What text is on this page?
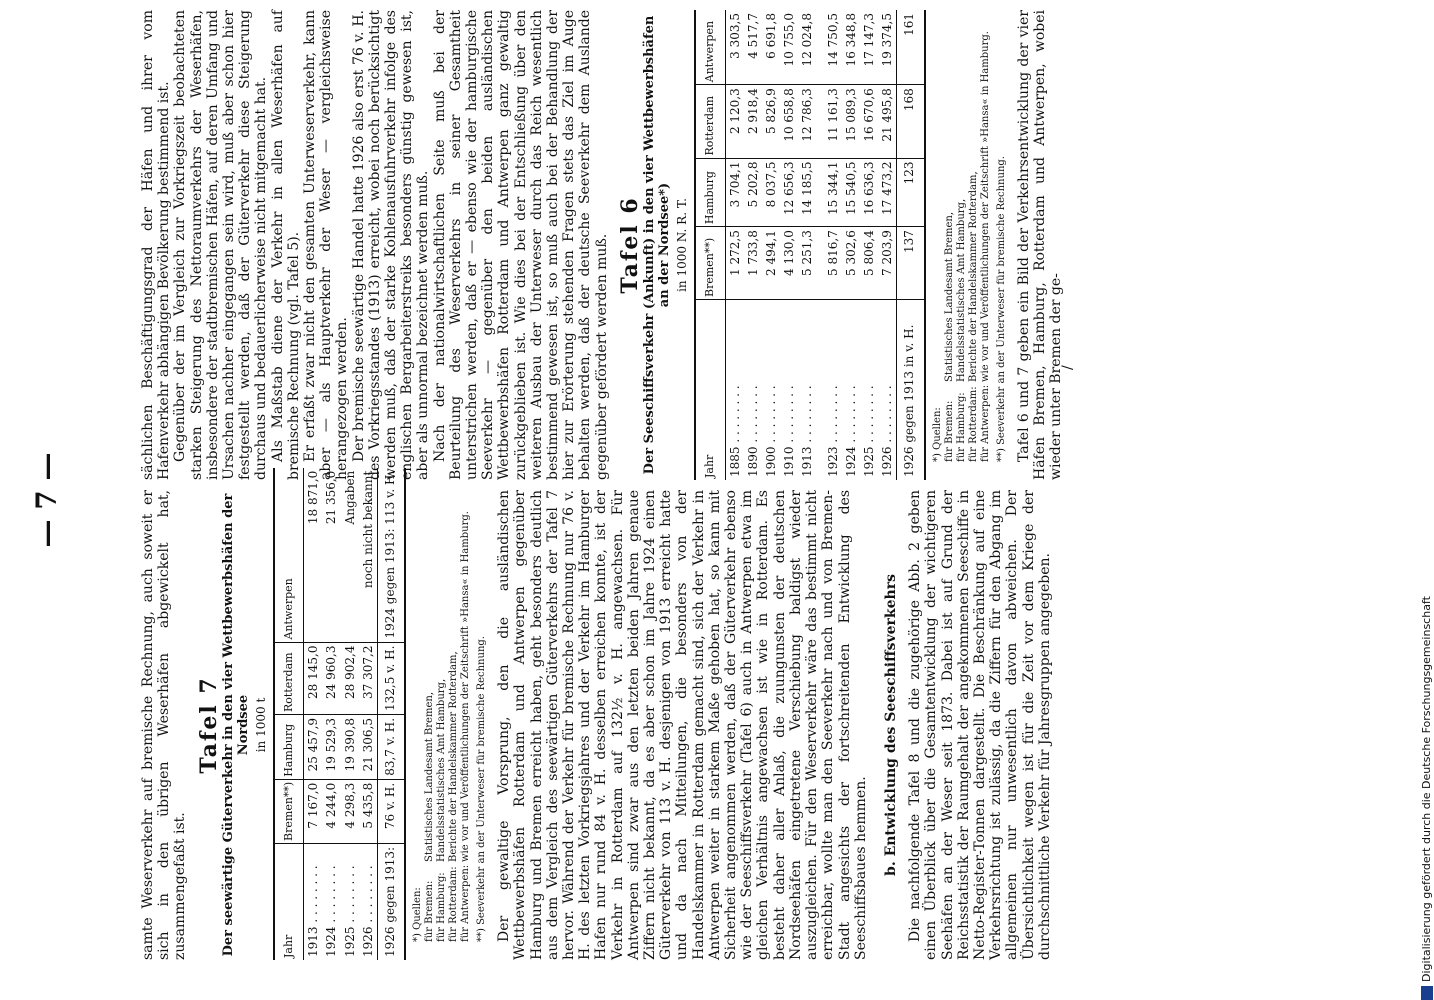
— 7 —	samte Weserverkehr auf bremische Rechnung, auch soweit er sich in den übrigen Weserhäfen abgewickelt hat, zusammengefaßt ist.

Tafel 7 Der seewärtige Güterverkehr in den vier Wettbewerbshäfen der Nordsee in 1000 t
Jahr	Bremen**)	Hamburg	Rotterdam	Antwerpen
1913 . . . . . . . .	7 167,0	25 457,9	28 145,0	18 871,0
1924 . . . . . . . .	4 244,0	19 529,3	24 960,3	21 356,0
1925 . . . . . . . .	4 298,3	19 390,8	28 902,4	Angaben
1926 . . . . . . . .	5 435,8	21 306,5	37 307,2	noch nicht bekannt
1926 gegen 1913:	76 v. H.	83,7 v. H.	132,5 v. H.	1924 gegen 1913: 113 v. H.
*) Quellen: für Bremen:
Statistisches Landesamt Bremen,
für Hamburg:
Handelsstatistisches Amt Hamburg,
für Rotterdam:
Berichte der Handelskammer Rotterdam,
für Antwerpen:
wie vor und Veröffentlichungen der Zeitschrift »Hansa« in Hamburg. **) Seeverkehr an der Unterweser für bremische Rechnung. Der gewaltige Vorsprung, den die ausländischen Wettbewerbshäfen Rotterdam und Antwerpen gegenüber Hamburg und Bremen erreicht haben, geht besonders deutlich aus dem Vergleich des seewärtigen Güterverkehrs der Tafel 7 hervor. Während der Verkehr für bremische Rechnung nur 76 v. H. des letzten Vorkriegsjahres und der Verkehr im Hamburger Hafen nur rund 84 v. H. desselben erreichen konnte, ist der Verkehr in Rotterdam auf 132½ v. H. angewachsen. Für Antwerpen sind zwar aus den letzten beiden Jahren genaue Ziffern nicht bekannt, da es aber schon im Jahre 1924 einen Güterverkehr von 113 v. H. desjenigen von 1913 erreicht hatte und da nach Mitteilungen, die besonders von der Handelskammer in Rotterdam gemacht sind, sich der Verkehr in Antwerpen weiter in starkem Maße gehoben hat, so kann mit Sicherheit angenommen werden, daß der Güterverkehr ebenso wie der Seeschiffsverkehr (Tafel 6) auch in Antwerpen etwa im gleichen Verhältnis angewachsen ist wie in Rotterdam. Es besteht daher aller Anlaß, die zuungunsten der deutschen Nordseehäfen eingetretene Verschiebung baldigst wieder auszugleichen. Für den Weserverkehr wäre das bestimmt nicht erreichbar, wollte man den Seeverkehr nach und von Bremen-Stadt angesichts der fortschreitenden Entwicklung des Seeschiffsbaues hemmen. b. Entwicklung des Seeschiffsverkehrs Die nachfolgende Tafel 8 und die zugehörige Abb. 2 geben einen Überblick über die Gesamtentwicklung der wichtigeren Seehäfen an der Weser seit 1873. Dabei ist auf Grund der Reichsstatistik der Raumgehalt der angekommenen Seeschiffe in Netto-Register-Tonnen dargestellt. Die Beschränkung auf eine Verkehrsrichtung ist zulässig, da die Ziffern für den Abgang im allgemeinen nur unwesentlich davon abweichen. Der Übersichtlichkeit wegen ist für die Zeit vor dem Kriege der durchschnittliche Verkehr für Jahresgruppen angegeben.

sächlichen Beschäftigungsgrad der Häfen und ihrer vom Hafenverkehr abhängigen Bevölkerung bestimmend ist. Gegenüber der im Vergleich zur Vorkriegszeit beobachteten starken Steigerung des Nettoraumverkehrs der Weserhäfen, insbesondere der stadtbremischen Häfen, auf deren Umfang und Ursachen nachher eingegangen sein wird, muß aber schon hier festgestellt werden, daß der Güterverkehr diese Steigerung durchaus und bedauerlicherweise nicht mitgemacht hat. Als Maßstab diene der Verkehr in allen Weserhäfen auf bremische Rechnung (vgl. Tafel 5). Er erfaßt zwar nicht den gesamten Unterweserverkehr, kann aber — als Hauptverkehr der Weser — vergleichsweise herangezogen werden. Der bremische seewärtige Handel hatte 1926 also erst 76 v. H. des Vorkriegsstandes (1913) erreicht, wobei noch berücksichtigt werden muß, daß der starke Kohlenausfuhrverkehr infolge des englischen Bergarbeiterstreiks besonders günstig gewesen ist, aber als unnormal bezeichnet werden muß. Nach der nationalwirtschaftlichen Seite muß bei der Beurteilung des Weserverkehrs in seiner Gesamtheit unterstrichen werden, daß er — ebenso wie der hamburgische Seeverkehr — gegenüber den beiden ausländischen Wettbewerbshäfen Rotterdam und Antwerpen ganz gewaltig zurückgeblieben ist. Wie dies bei der Entschließung über den weiteren Ausbau der Unterweser durch das Reich wesentlich bestimmend gewesen ist, so muß auch bei der Behandlung der hier zur Erörterung stehenden Fragen stets das Ziel im Auge behalten werden, daß der deutsche Seeverkehr dem Auslande gegenüber gefördert werden muß. Tafel 6 Der Seeschiffsverkehr (Ankunft) in den vier Wettbewerbshäfen an der Nordsee*) in 1000 N. R. T.
Jahr	Bremen**)	Hamburg	Rotterdam	Antwerpen
1885 . . . . . . . .	1 272,5	3 704,1	2 120,3	3 303,5
1890 . . . . . . . .	1 733,8	5 202,8	2 918,4	4 517,7
1900 . . . . . . . .	2 494,1	8 037,5	5 826,9	6 691,8
1910 . . . . . . . .	4 130,0	12 656,3	10 658,8	10 755,0
1913 . . . . . . . .	5 251,3	14 185,5	12 786,3	12 024,8
1923 . . . . . . . .	5 816,7	15 344,1	11 161,3	14 750,5
1924 . . . . . . . .	5 302,6	15 540,5	15 089,3	16 348,8
1925 . . . . . . . .	5 806,4	16 636,3	16 670,6	17 147,3
1926 . . . . . . . .	7 203,9	17 473,2	21 495,8	19 374,5
1926 gegen 1913 in v. H.	137	123	168	161
*) Quellen: für Bremen:
Statistisches Landesamt Bremen,
für Hamburg:
Handelsstatistisches Amt Hamburg,
für Rotterdam:
Berichte der Handelskammer Rotterdam,
für Antwerpen:
wie vor und Veröffentlichungen der Zeitschrift »Hansa« in Hamburg. **) Seeverkehr an der Unterweser für bremische Rechnung. Tafel 6 und 7 geben ein Bild der Verkehrsentwicklung der vier Häfen Bremen, Hamburg, Rotterdam und Antwerpen, wobei wieder unter Bremen der ge-

/
Digitalisierung gefördert durch die Deutsche Forschungsgemeinschaft
